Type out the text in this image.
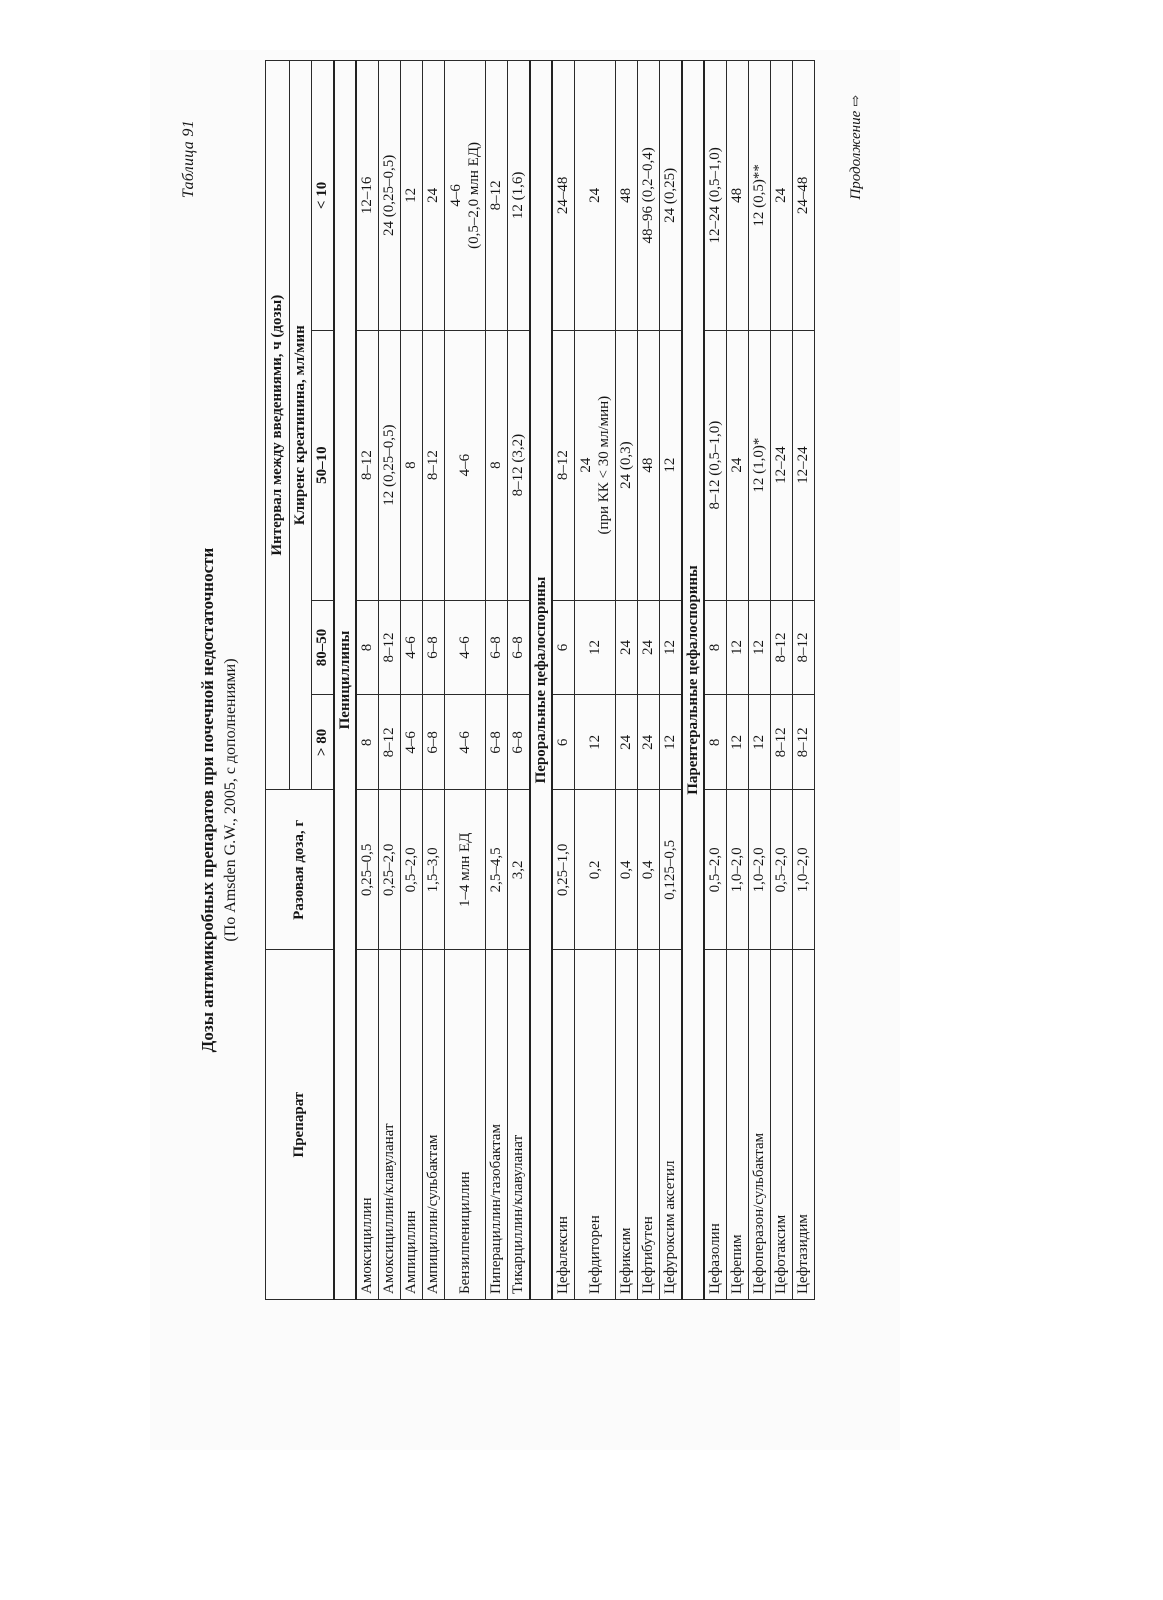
Таблица 91
Дозы антимикробных препаратов при почечной недостаточности (По Amsden G.W., 2005, с дополнениями)
Препарат	Разовая доза, г	Интервал между введениями, ч (дозы)			
		Клиренс креатинина, мл/мин			
		> 80	80–50	50–10	< 10
Пенициллины					
Амоксициллин	0,25–0,5	8	8	8–12	12–16
Амоксициллин/клавуланат	0,25–2,0	8–12	8–12	12 (0,25–0,5)	24 (0,25–0,5)
Ампициллин	0,5–2,0	4–6	4–6	8	12
Ампициллин/сульбактам	1,5–3,0	6–8	6–8	8–12	24
Бензилпенициллин	1–4 млн ЕД	4–6	4–6	4–6	4–6 (0,5–2,0 млн ЕД)

Пиперациллин/тазобактам	2,5–4,5	6–8	6–8	8	8–12
Тикарциллин/клавуланат	3,2	6–8	6–8	8–12 (3,2)	12 (1,6)
Пероральные цефалоспорины					
Цефалексин	0,25–1,0	6	6	8–12	24–48
Цефдиторен	0,2	12	12	24 (при КК < 30 мл/мин)	24
Цефиксим	0,4	24	24	24 (0,3)	48
Цефтибутен	0,4	24	24	48	48–96 (0,2–0,4)
Цефуроксим аксетил	0,125–0,5	12	12	12	24 (0,25)
Парентеральные цефалоспорины					
Цефазолин	0,5–2,0	8	8	8–12 (0,5–1,0)	12–24 (0,5–1,0)
Цефепим	1,0–2,0	12	12	24	48
Цефоперазон/сульбактам	1,0–2,0	12	12	12 (1,0)*	12 (0,5)**
Цефотаксим	0,5–2,0	8–12	8–12	12–24	24
Цефтазидим	1,0–2,0	8–12	8–12	12–24	24–48 Продолжение⇨
